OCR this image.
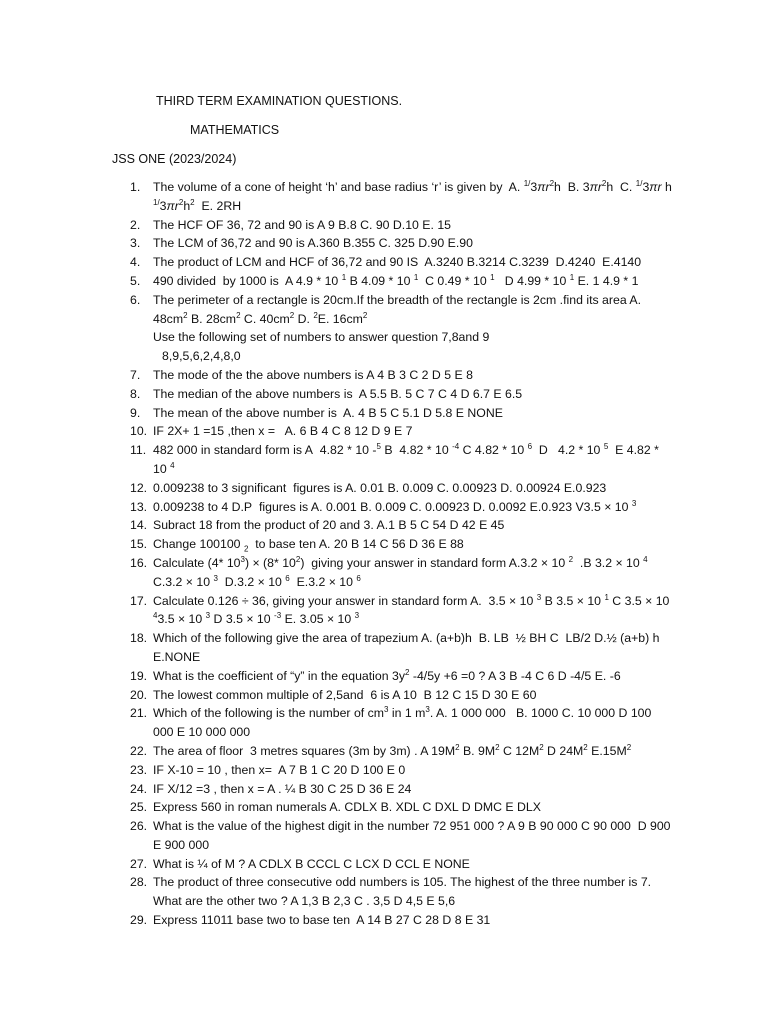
THIRD TERM EXAMINATION QUESTIONS.
MATHEMATICS
JSS ONE (2023/2024)
1.	The volume of a cone of height ‘h’ and base radius ‘r’ is given by  A. $^{1/}3\pi r^2h$  B. $3\pi r^2h$  C. $^{1/}$3πr h $^{1/}3\pi r^2h^2$  E. 2RH
2.	The HCF OF 36, 72 and 90 is A 9 B.8 C. 90 D.10 E. 15
3.	The LCM of 36,72 and 90 is A.360 B.355 C. 325 D.90 E.90
4.	The product of LCM and HCF of 36,72 and 90 IS  A.3240 B.3214 C.3239  D.4240  E.4140
5.	490 divided  by 1000 is  A 4.9 * 10 $^1$ B 4.09 * 10 $^1$  C 0.49 * 10 $^1$   D 4.99 * 10 $^1$ E. 1 4.9 * 1
6.	The perimeter of a rectangle is 20cm.If the breadth of the rectangle is 2cm .find its area A. $48cm^2$ B. $28cm^2$ C. $40cm^2$ D. $^2$E. $16cm^2$
Use the following set of numbers to answer question 7,8and 9
8,9,5,6,2,4,8,0
7.	The mode of the the above numbers is A 4 B 3 C 2 D 5 E 8
8.	The median of the above numbers is  A 5.5 B. 5 C 7 C 4 D 6.7 E 6.5
9.	The mean of the above number is  A. 4 B 5 C 5.1 D 5.8 E NONE
10. IF 2X+ 1 =15 ,then x =   A. 6 B 4 C 8 12 D 9 E 7
11. 482 000 in standard form is A  4.82 * 10 -$^5$ B  4.82 * 10 $^{-4}$ C 4.82 * 10 $^6$  D   4.2 * 10 $^5$  E 4.82 * 10 $^4$
12. 0.009238 to 3 significant  figures is A. 0.01 B. 0.009 C. 0.00923 D. 0.00924 E.0.923
13. 0.009238 to 4 D.P  figures is A. 0.001 B. 0.009 C. 0.00923 D. 0.0092 E.0.923 V3.5 × 10 $^3$
14. Subract 18 from the product of 20 and 3. A.1 B 5 C 54 D 42 E 45
15. Change 100100 $_2$  to base ten A. 20 B 14 C 56 D 36 E 88
16. Calculate (4* $10^3) \times (8*$ $10^2$)  giving your answer in standard form A.3.2 × 10 $^2$  .B 3.2 × 10 $^4$ C.3.2 × 10 $^3$  D.3.2 × 10 $^6$  E.3.2 × 10 $^6$
17. Calculate 0.126 ÷ 36, giving your answer in standard form A.  3.5 × 10 $^3$ B 3.5 × 10 $^1$ C 3.5 × 10 $^4$3.5 × 10 $^3$ D 3.5 × 10 $^{-3}$ E. 3.05 × 10 $^3$
18. Which of the following give the area of trapezium A. (a+b)h  B. LB  ½ BH C  LB/2 D.½ (a+b) h E.NONE
19. What is the coefficient of “y” in the equation $3y^2$ -4/5y +6 =0 ? A 3 B -4 C 6 D -4/5 E. -6
20. The lowest common multiple of 2,5and  6 is A 10  B 12 C 15 D 30 E 60
21. Which of the following is the number of $cm^3$ in 1 $m^3$. A. 1 000 000   B. 1000 C. 10 000 D 100 000 E 10 000 000
22. The area of floor  3 metres squares (3m by 3m) . A $19M^2$ B. $9M^2$ C $12M^2$ D $24M^2$ $E.15M^2$
23. IF X-10 = 10 , then x=  A 7 B 1 C 20 D 100 E 0
24. IF X/12 =3 , then x = A . ¼ B 30 C 25 D 36 E 24
25. Express 560 in roman numerals A. CDLX B. XDL C DXL D DMC E DLX
26. What is the value of the highest digit in the number 72 951 000 ? A 9 B 90 000 C 90 000  D 900 E 900 000
27. What is ¼ of M ? A CDLX B CCCL C LCX D CCL E NONE
28. The product of three consecutive odd numbers is 105. The highest of the three number is 7. What are the other two ? A 1,3 B 2,3 C . 3,5 D 4,5 E 5,6
29. Express 11011 base two to base ten  A 14 B 27 C 28 D 8 E 31
